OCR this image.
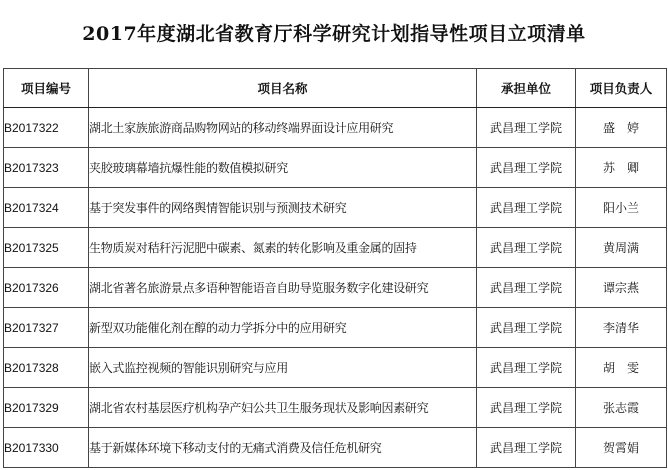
2017年度湖北省教育厅科学研究计划指导性项目立项清单
项目编号	项目名称	承担单位	项目负责人
B2017322	湖北土家族旅游商品购物网站的移动终端界面设计应用研究	武昌理工学院	盛婷
B2017323	夹胶玻璃幕墙抗爆性能的数值模拟研究	武昌理工学院	苏卿
B2017324	基于突发事件的网络舆情智能识别与预测技术研究	武昌理工学院	阳小兰
B2017325	生物质炭对秸秆污泥肥中碳素、氮素的转化影响及重金属的固持	武昌理工学院	黄周满
B2017326	湖北省著名旅游景点多语种智能语音自助导览服务数字化建设研究	武昌理工学院	谭宗燕
B2017327	新型双功能催化剂在醇的动力学拆分中的应用研究	武昌理工学院	李清华
B2017328	嵌入式监控视频的智能识别研究与应用	武昌理工学院	胡雯
B2017329	湖北省农村基层医疗机构孕产妇公共卫生服务现状及影响因素研究	武昌理工学院	张志霞
B2017330	基于新媒体环境下移动支付的无痛式消费及信任危机研究	武昌理工学院	贺霄娟
